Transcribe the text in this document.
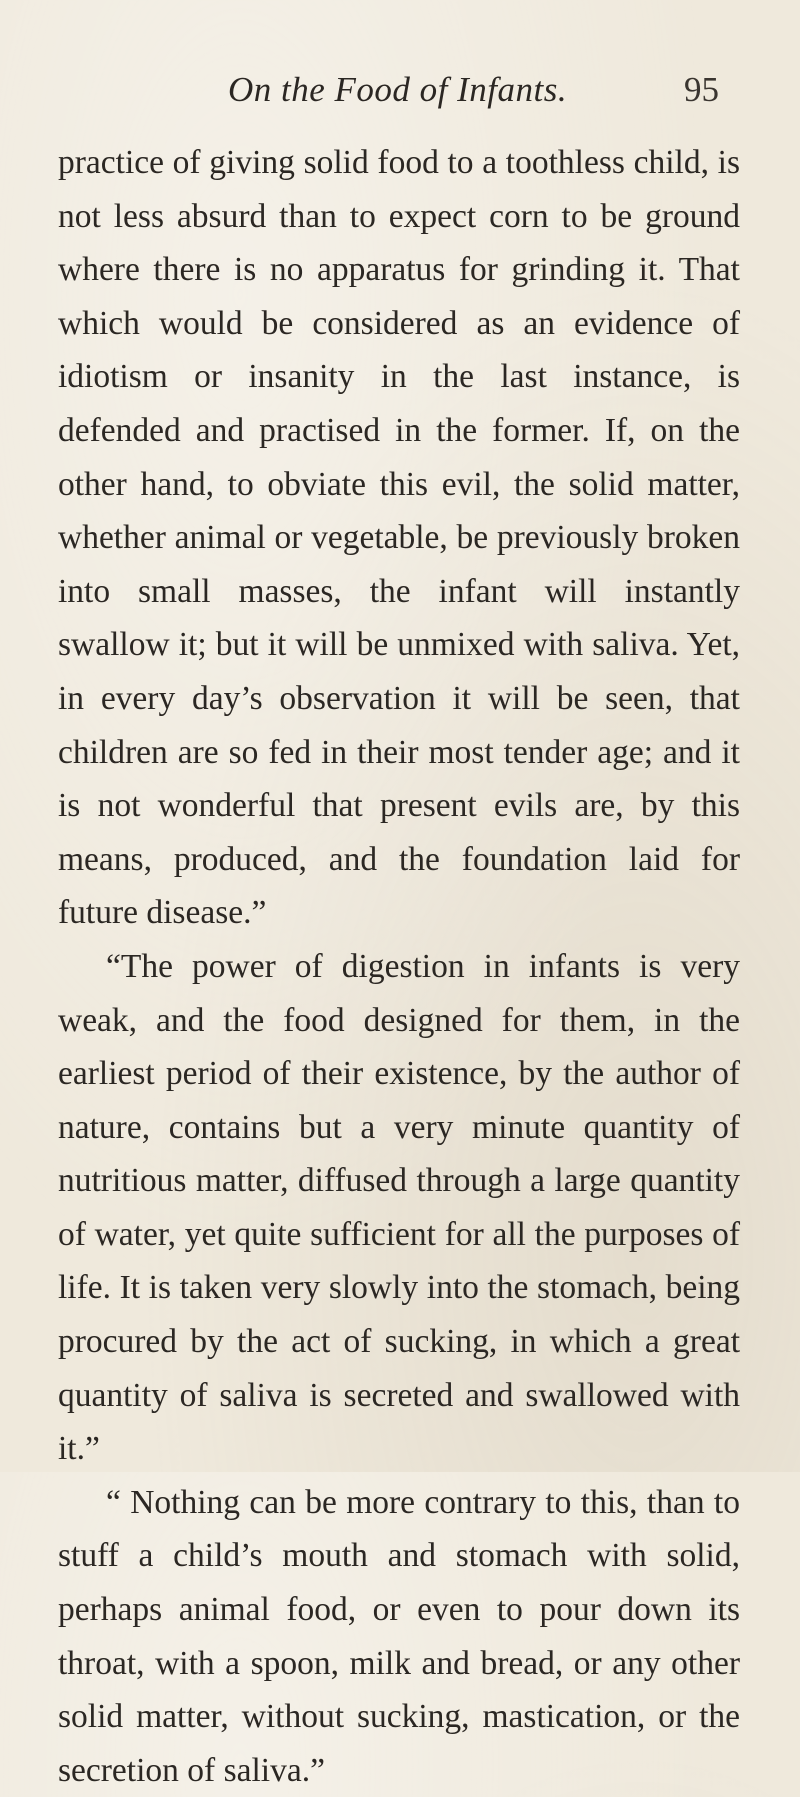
On the Food of Infants.	95

practice of giving solid food to a toothless child, is not less absurd than to expect corn to be ground where there is no apparatus for grinding it. That which would be considered as an evidence of idiotism or insanity in the last instance, is defended and practised in the former. If, on the other hand, to obviate this evil, the solid matter, whether animal or vegetable, be previously broken into small masses, the infant will instantly swallow it; but it will be unmixed with saliva. Yet, in every day’s observation it will be seen, that children are so fed in their most tender age; and it is not wonderful that present evils are, by this means, produced, and the foundation laid for future disease.”

“The power of digestion in infants is very weak, and the food designed for them, in the earliest period of their existence, by the author of nature, contains but a very minute quantity of nutritious matter, diffused through a large quantity of water, yet quite sufficient for all the purposes of life. It is taken very slowly into the stomach, being procured by the act of sucking, in which a great quantity of saliva is secreted and swallowed with it.”

“ Nothing can be more contrary to this, than to stuff a child’s mouth and stomach with solid, perhaps animal food, or even to pour down its throat, with a spoon, milk and bread, or any other solid matter, without sucking, mastication, or the secretion of saliva.”
